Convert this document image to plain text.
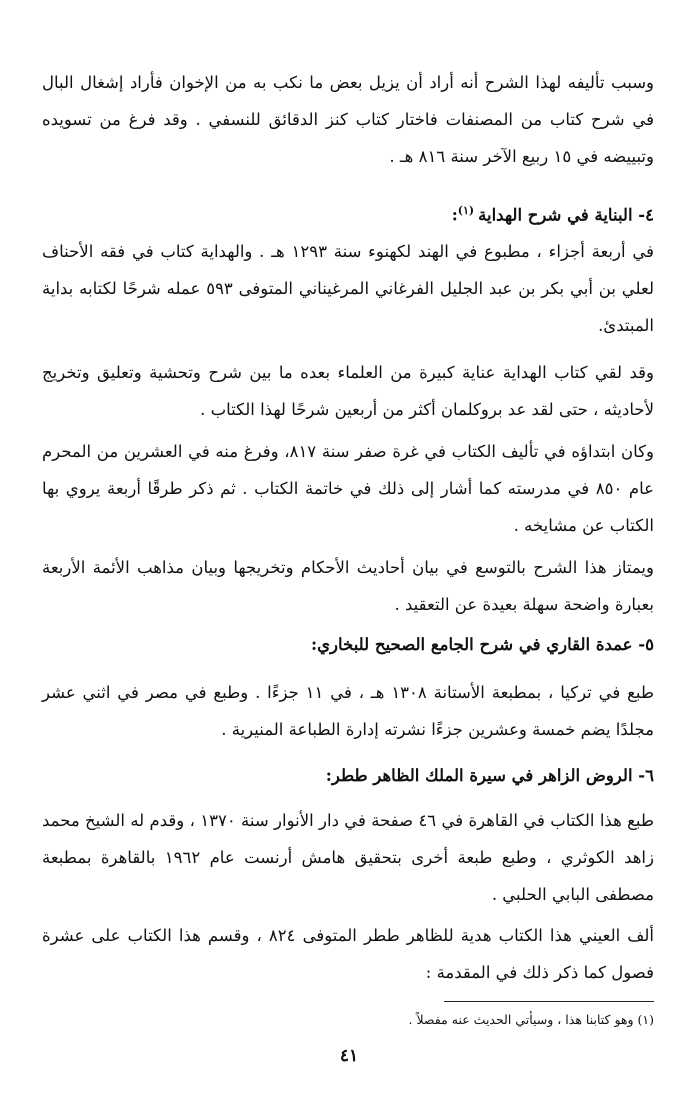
وسبب تأليفه لهذا الشرح أنه أراد أن يزيل بعض ما نكب به من الإخوان فأراد إشغال البال في شرح كتاب من المصنفات فاختار كتاب كنز الدقائق للنسفي . وقد فرغ من تسويده وتبييضه في ١٥ ربيع الآخر سنة ٨١٦ هـ .

٤- البناية في شرح الهداية$^{(١)}$:

في أربعة أجزاء ، مطبوع في الهند لكهنوء سنة ١٢٩٣ هـ . والهداية كتاب في فقه الأحناف لعلي بن أبي بكر بن عبد الجليل الفرغاني المرغيناني المتوفى ٥٩٣ عمله شرحًا لكتابه بداية المبتدئ.

وقد لقي كتاب الهداية عناية كبيرة من العلماء بعده ما بين شرح وتحشية وتعليق وتخريج لأحاديثه ، حتى لقد عد بروكلمان أكثر من أربعين شرحًا لهذا الكتاب .

وكان ابتداؤه في تأليف الكتاب في غرة صفر سنة ٨١٧، وفرغ منه في العشرين من المحرم عام ٨٥٠ في مدرسته كما أشار إلى ذلك في خاتمة الكتاب . ثم ذكر طرقًا أربعة يروي بها الكتاب عن مشايخه .

ويمتاز هذا الشرح بالتوسع في بيان أحاديث الأحكام وتخريجها وبيان مذاهب الأئمة الأربعة بعبارة واضحة سهلة بعيدة عن التعقيد .

٥- عمدة القاري في شرح الجامع الصحيح للبخاري:

طبع في تركيا ، بمطبعة الأستانة ١٣٠٨ هـ ، في ١١ جزءًا . وطبع في مصر في اثني عشر مجلدًا يضم خمسة وعشرين جزءًا نشرته إدارة الطباعة المنيرية .

٦- الروض الزاهر في سيرة الملك الظاهر ططر:

طبع هذا الكتاب في القاهرة في ٤٦ صفحة في دار الأنوار سنة ١٣٧٠ ، وقدم له الشيخ محمد زاهد الكوثري ، وطبع طبعة أخرى بتحقيق هامش أرنست عام ١٩٦٢ بالقاهرة بمطبعة مصطفى البابي الحلبي .

ألف العيني هذا الكتاب هدية للظاهر ططر المتوفى ٨٢٤ ، وقسم هذا الكتاب على عشرة فصول كما ذكر ذلك في المقدمة :

(١) وهو كتابنا هذا ، وسيأتي الحديث عنه مفصلاً .
٤١
